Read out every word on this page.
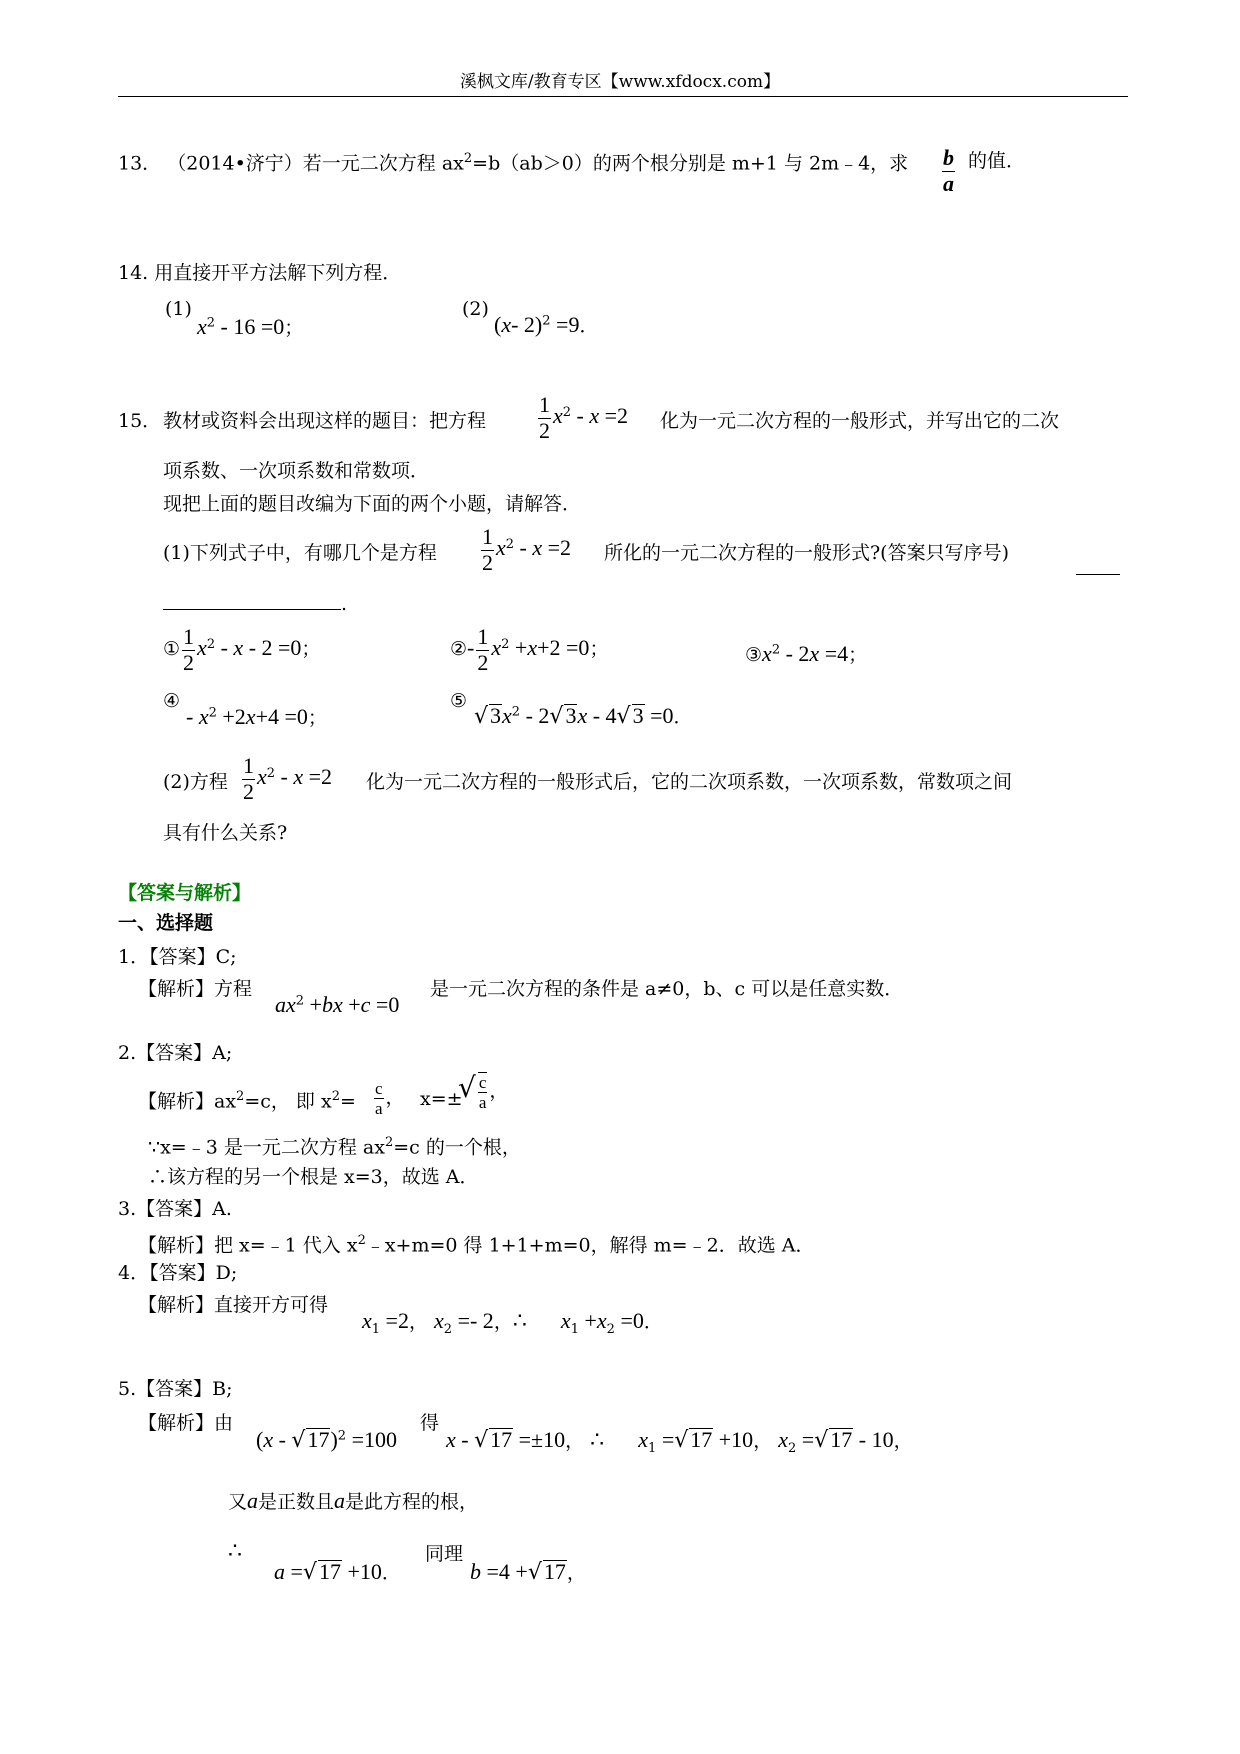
溪枫文库/教育专区【www.xfdocx.com】
13． （2014•济宁）若一元二次方程 $ax^2=b(ab>0)$的两个根分别是 m+1 与 2m﹣4，求 $\frac{b}{a}$ 的值．
14. 用直接开平方法解下列方程．
(1)
$x^2 - 16 =0$；
(2)
(x- 2)$^2$ =9．
15． 教材或资料会出现这样的题目：把方程 $\frac{1}{2} x^2 - x =2$ 化为一元二次方程的一般形式，并写出它的二次
项系数、一次项系数和常数项．
现把上面的题目改编为下面的两个小题，请解答．
(1)下列式子中，有哪几个是方程 $\frac{1}{2} x^2 - x =2$ 所化的一元二次方程的一般形式?(答案只写序号)
.
① $\frac{1}{2} x^2 - x - 2 =0$；	②- $\frac{1}{2} x^2 +x+2 =0$；	$③x^2 - 2x =4$；
④
- $x^2 +2x+4 =0$；
⑤
$√3x^2 - 2√3x - 4√3 =0$．
(2)方程 $\frac{1}{2} x^2 - x =2$ 化为一元二次方程的一般形式后，它的二次项系数，一次项系数，常数项之间
具有什么关系?
【答案与解析】
一、选择题
1．【答案】C;
【解析】方程
$ax^2 +bx +c =0$
是一元二次方程的条件是 a≠0，b、c 可以是任意实数．
2.【答案】A;
【解析】$ax^2=c$， 即 $x^2= \frac{c}{a}$ ， x=±
√ $\frac{c}{a}$ ，
∵x=﹣3 是一元二次方程 $ax^2=c$ 的一个根，
∴该方程的另一个根是 x=3，故选 A．
3.【答案】A.
【解析】把 x=﹣1 代入 $x^2﹣x+m=0$ 得 1+1+m=0，解得 m=﹣2．故选 A．
4．【答案】D;
【解析】直接开方可得
$x_1 =2$， $x_2 =- 2$，∴ $x_1 +x_2 =0$．
5.【答案】B;
【解析】由
(x - √17)$^2$ =100
得
x - √17 =±10， ∴ $x_1 =√17 +10$， $x_2 =√17 - 10$，
又a是正数且a是此方程的根，
∴
a =√17 +10．
同理
b =4 +√17，
